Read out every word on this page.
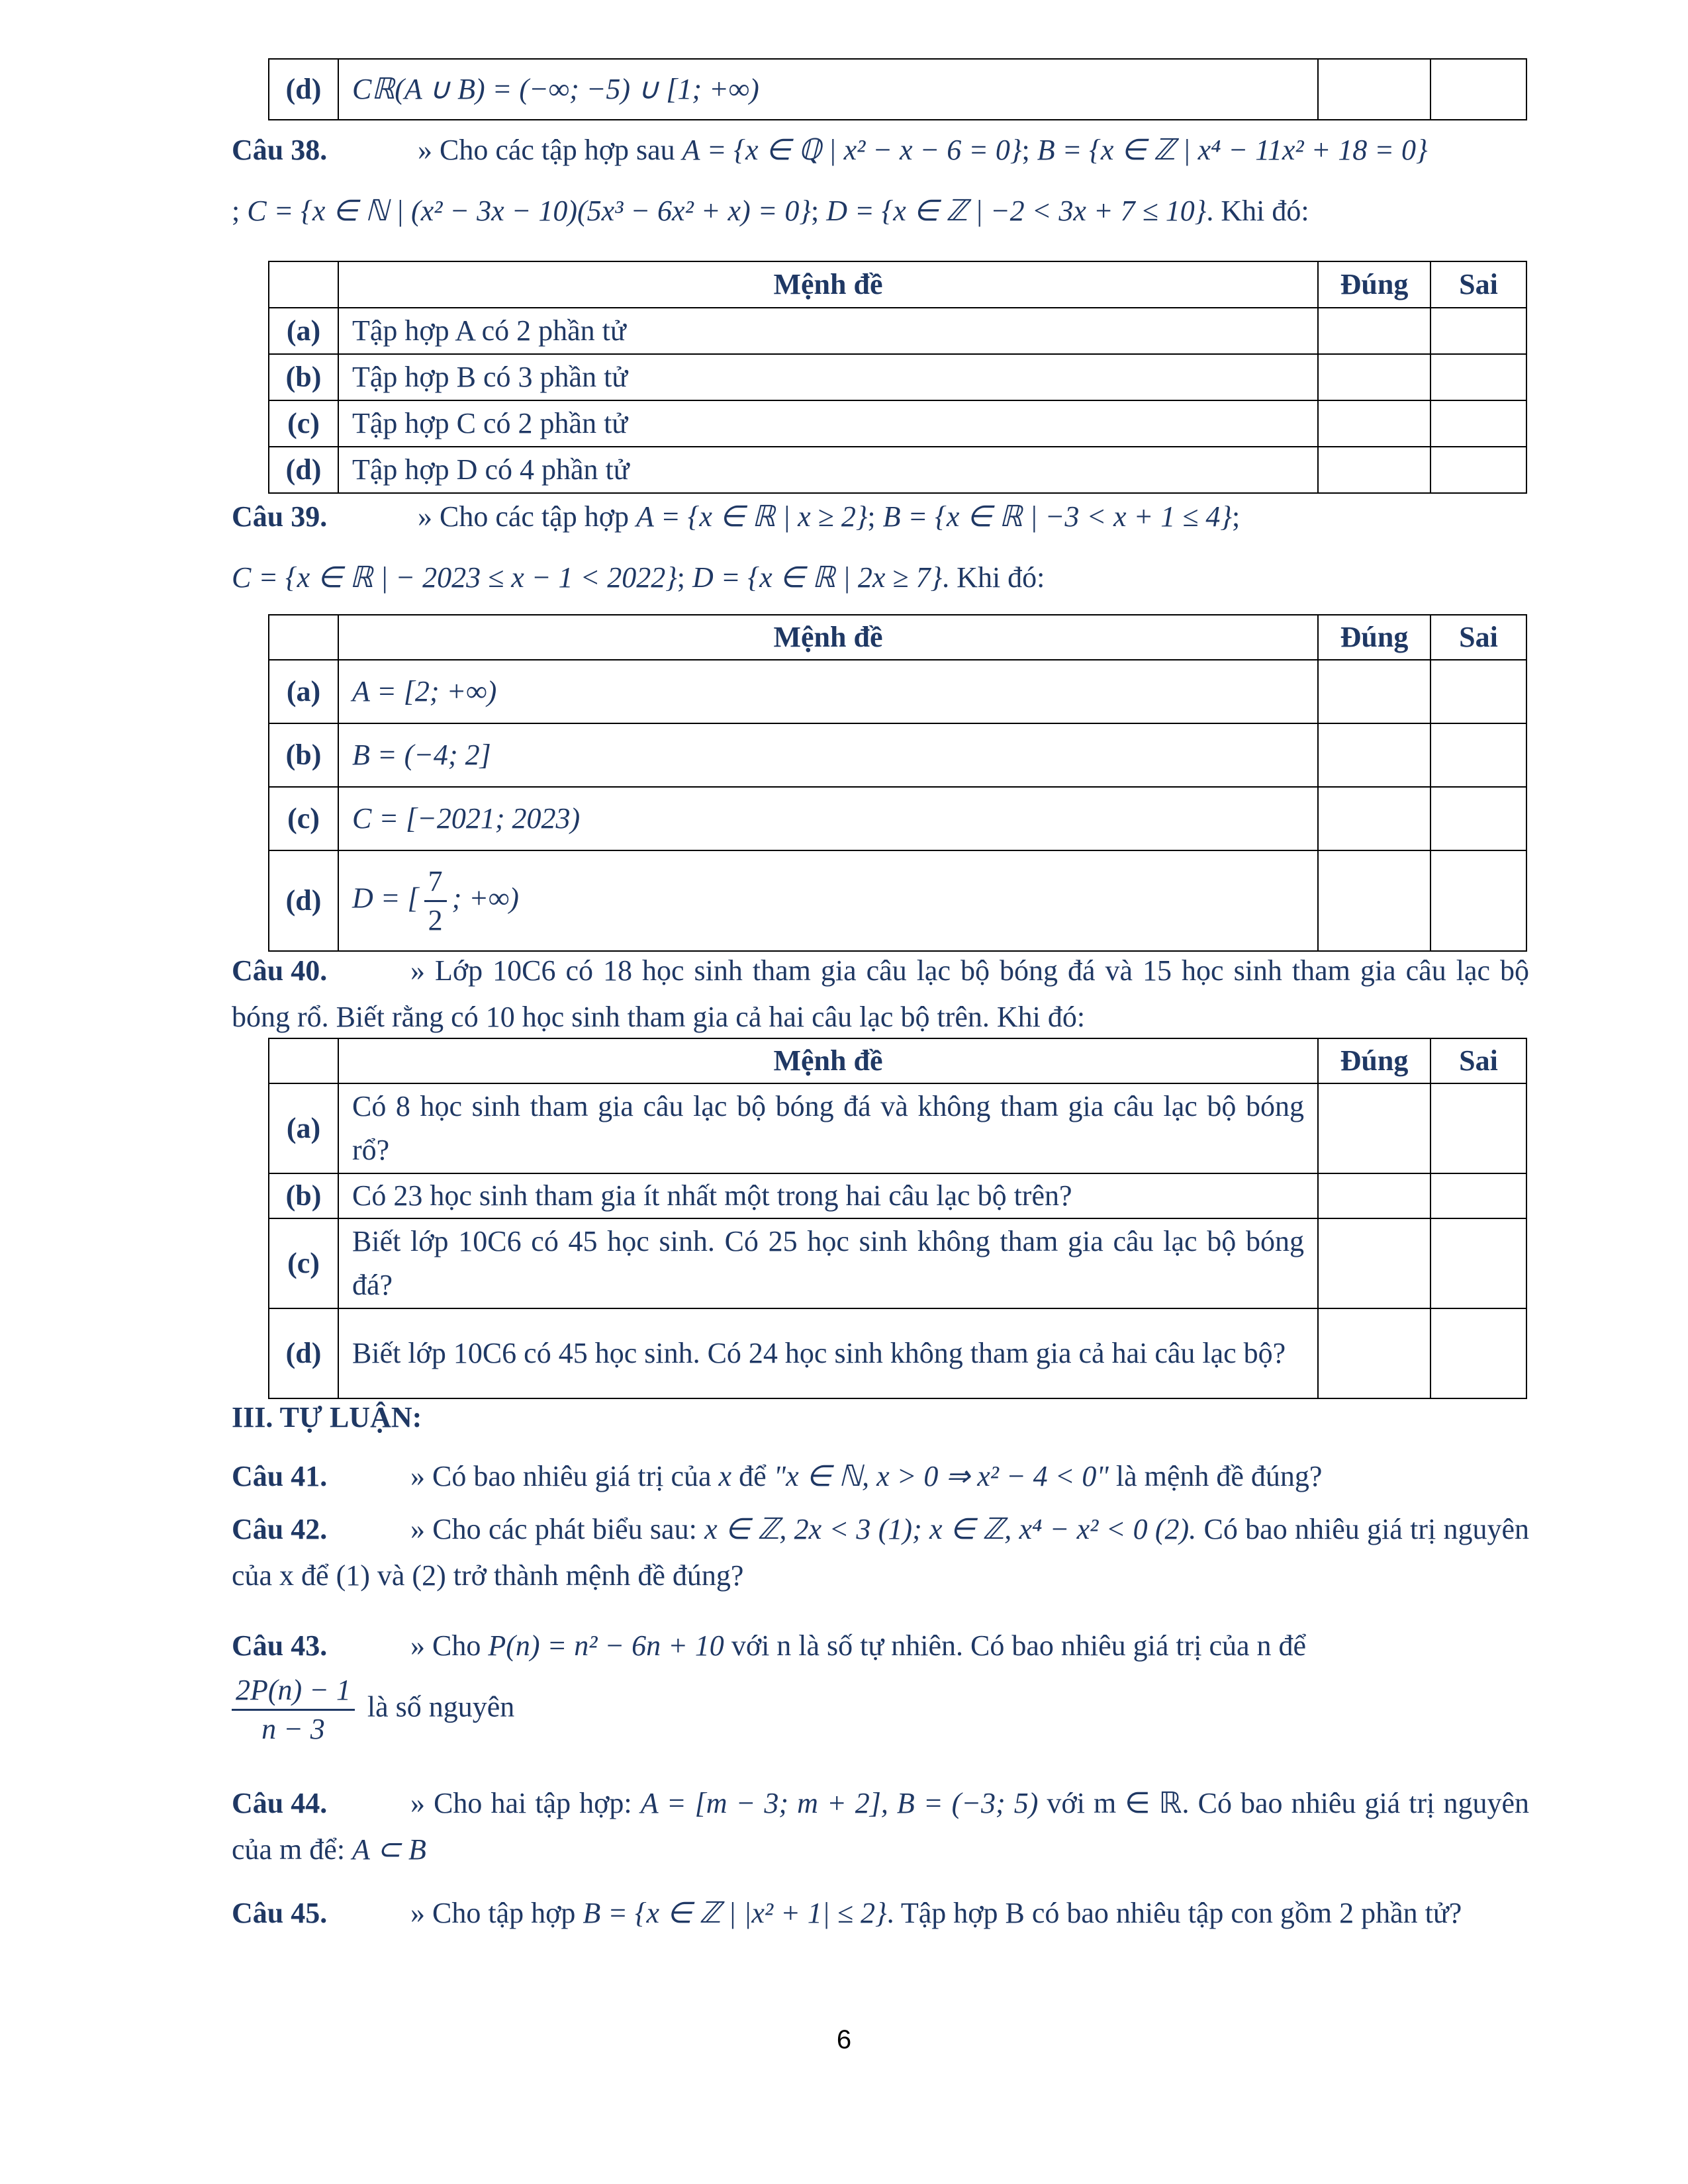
(d)	Cℝ(A ∪ B) = (−∞; −5) ∪ [1; +∞)		
Câu 38.	» Cho các tập hợp sau A = {x ∈ ℚ | x² − x − 6 = 0}; B = {x ∈ ℤ | x⁴ − 11x² + 18 = 0}
; C = {x ∈ ℕ | (x² − 3x − 10)(5x³ − 6x² + x) = 0}; D = {x ∈ ℤ | −2 < 3x + 7 ≤ 10}. Khi đó:
	Mệnh đề	Đúng	Sai
(a)	Tập hợp A có 2 phần tử		
(b)	Tập hợp B có 3 phần tử		
(c)	Tập hợp C có 2 phần tử		
(d)	Tập hợp D có 4 phần tử		
Câu 39.	» Cho các tập hợp A = {x ∈ ℝ | x ≥ 2}; B = {x ∈ ℝ | −3 < x + 1 ≤ 4};
C = {x ∈ ℝ | − 2023 ≤ x − 1 < 2022}; D = {x ∈ ℝ | 2x ≥ 7}. Khi đó:
	Mệnh đề	Đúng	Sai
(a)	A = [2; +∞)		
(b)	B = (−4; 2]		
(c)	C = [−2021; 2023)		
(d)	D = [ $\frac{7}{2}$ ; +∞)		
Câu 40.	» Lớp 10C6 có 18 học sinh tham gia câu lạc bộ bóng đá và 15 học sinh tham gia câu lạc bộ bóng rổ. Biết rằng có 10 học sinh tham gia cả hai câu lạc bộ trên. Khi đó:
	Mệnh đề	Đúng	Sai
(a)	Có 8 học sinh tham gia câu lạc bộ bóng đá và không tham gia câu lạc bộ bóng rổ?		
(b)	Có 23 học sinh tham gia ít nhất một trong hai câu lạc bộ trên?		
(c)	Biết lớp 10C6 có 45 học sinh. Có 25 học sinh không tham gia câu lạc bộ bóng đá?		
(d)	Biết lớp 10C6 có 45 học sinh. Có 24 học sinh không tham gia cả hai câu lạc bộ?		
III. TỰ LUẬN:
Câu 41.	» Có bao nhiêu giá trị của x để "x ∈ ℕ, x > 0 ⇒ x² − 4 < 0" là mệnh đề đúng?
Câu 42.	» Cho các phát biểu sau: x ∈ ℤ, 2x < 3 (1); x ∈ ℤ, x⁴ − x² < 0 (2). Có bao nhiêu giá trị nguyên của x để (1) và (2) trở thành mệnh đề đúng?
Câu 43.	» Cho P(n) = n² − 6n + 10 với n là số tự nhiên. Có bao nhiêu giá trị của n để
$\frac{2P(n) - 1}{n - 3}$ là số nguyên
Câu 44.	» Cho hai tập hợp: A = [m − 3; m + 2], B = (−3; 5) với m ∈ ℝ. Có bao nhiêu giá trị nguyên của m để: A ⊂ B
Câu 45.	» Cho tập hợp B = {x ∈ ℤ | |x² + 1| ≤ 2}. Tập hợp B có bao nhiêu tập con gồm 2 phần tử?
6
